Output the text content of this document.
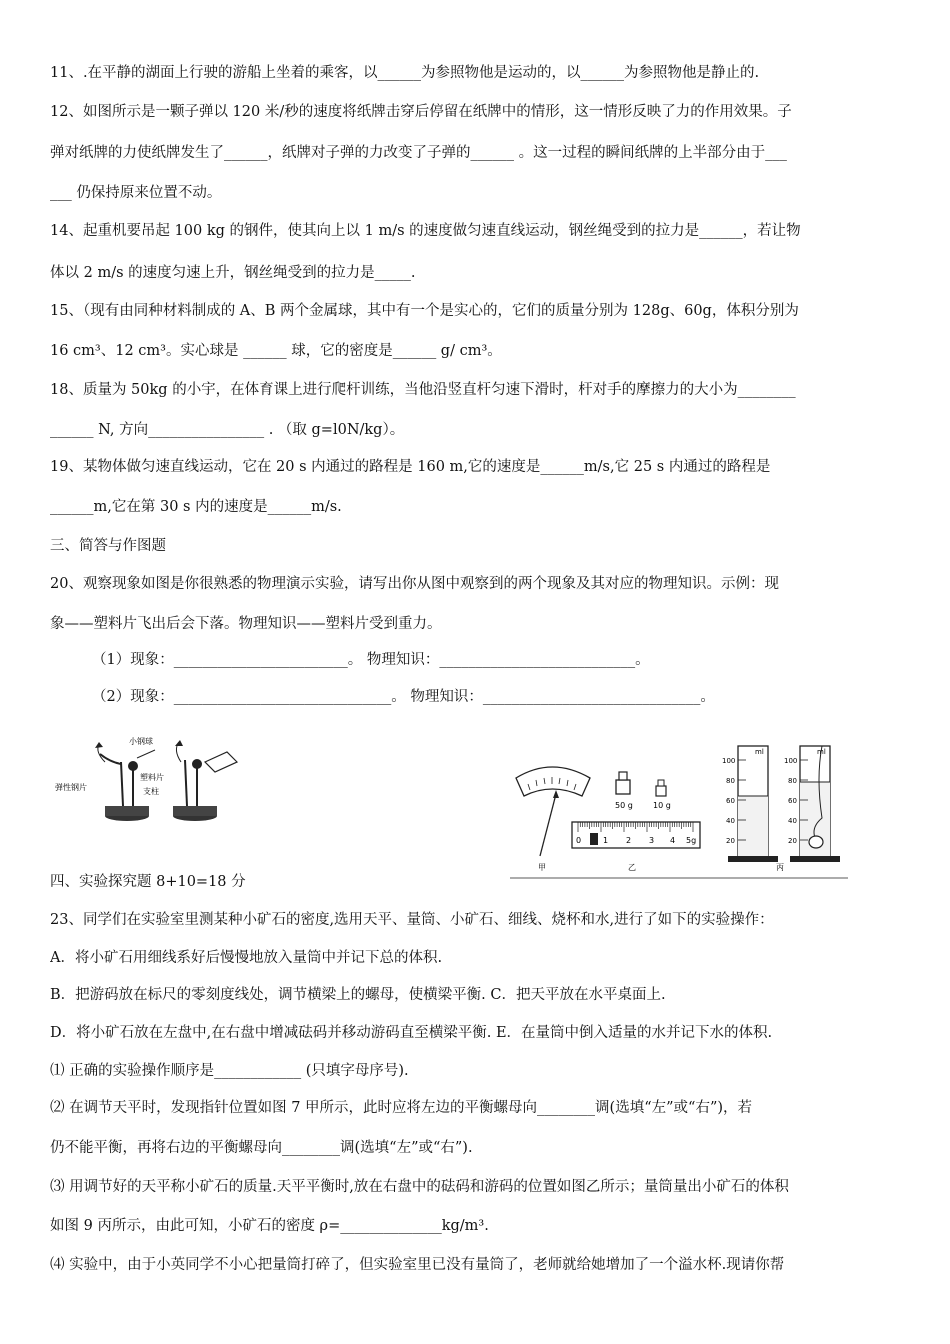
11、.在平静的湖面上行驶的游船上坐着的乘客，以______为参照物他是运动的，以______为参照物他是静止的.
12、如图所示是一颗子弹以 120 米/秒的速度将纸牌击穿后停留在纸牌中的情形，这一情形反映了力的作用效果。子
弹对纸牌的力使纸牌发生了______，纸牌对子弹的力改变了子弹的______ 。这一过程的瞬间纸牌的上半部分由于___
___ 仍保持原来位置不动。
14、起重机要吊起 100 kg 的钢件，使其向上以 1 m/s 的速度做匀速直线运动，钢丝绳受到的拉力是______，若让物
体以 2 m/s 的速度匀速上升，钢丝绳受到的拉力是_____.
15、（现有由同种材料制成的 A、B 两个金属球，其中有一个是实心的，它们的质量分别为 128g、60g，体积分别为
16 cm³、12 cm³。实心球是 ______ 球，它的密度是______ g/ cm³。
18、质量为 50kg 的小宇，在体育课上进行爬杆训练，当他沿竖直杆匀速下滑时，杆对手的摩擦力的大小为________
______ N, 方向________________ . （取 g=l0N/kg）。
19、某物体做匀速直线运动，它在 20 s 内通过的路程是 160 m,它的速度是______m/s,它 25 s 内通过的路程是
______m,它在第 30 s 内的速度是______m/s.
三、简答与作图题
20、观察现象如图是你很熟悉的物理演示实验，请写出你从图中观察到的两个现象及其对应的物理知识。示例：现
象——塑料片飞出后会下落。物理知识——塑料片受到重力。
（1）现象：________________________。 物理知识：___________________________。
（2）现象：______________________________。 物理知识：______________________________。
小钢球
塑料片
弹性钢片	支柱
甲
50 g	10 g
0	1 2 3 4 5g
乙
ml	ml
100
80
60
40
20
100
80
60
40
20
丙
四、实验探究题 8+10=18 分
23、同学们在实验室里测某种小矿石的密度,选用天平、量筒、小矿石、细线、烧杯和水,进行了如下的实验操作：
A．将小矿石用细线系好后慢慢地放入量筒中并记下总的体积.
B．把游码放在标尺的零刻度线处，调节横梁上的螺母，使横梁平衡. C．把天平放在水平桌面上.
D．将小矿石放在左盘中,在右盘中增减砝码并移动游码直至横梁平衡. E．在量筒中倒入适量的水并记下水的体积.
⑴ 正确的实验操作顺序是____________ (只填字母序号).
⑵ 在调节天平时，发现指针位置如图 7 甲所示，此时应将左边的平衡螺母向________调(选填“左”或“右”)，若
仍不能平衡，再将右边的平衡螺母向________调(选填“左”或“右”).
⑶ 用调节好的天平称小矿石的质量.天平平衡时,放在右盘中的砝码和游码的位置如图乙所示；量筒量出小矿石的体积
如图 9 丙所示，由此可知，小矿石的密度 ρ=______________kg/m³.
⑷ 实验中，由于小英同学不小心把量筒打碎了，但实验室里已没有量筒了，老师就给她增加了一个溢水杯.现请你帮
